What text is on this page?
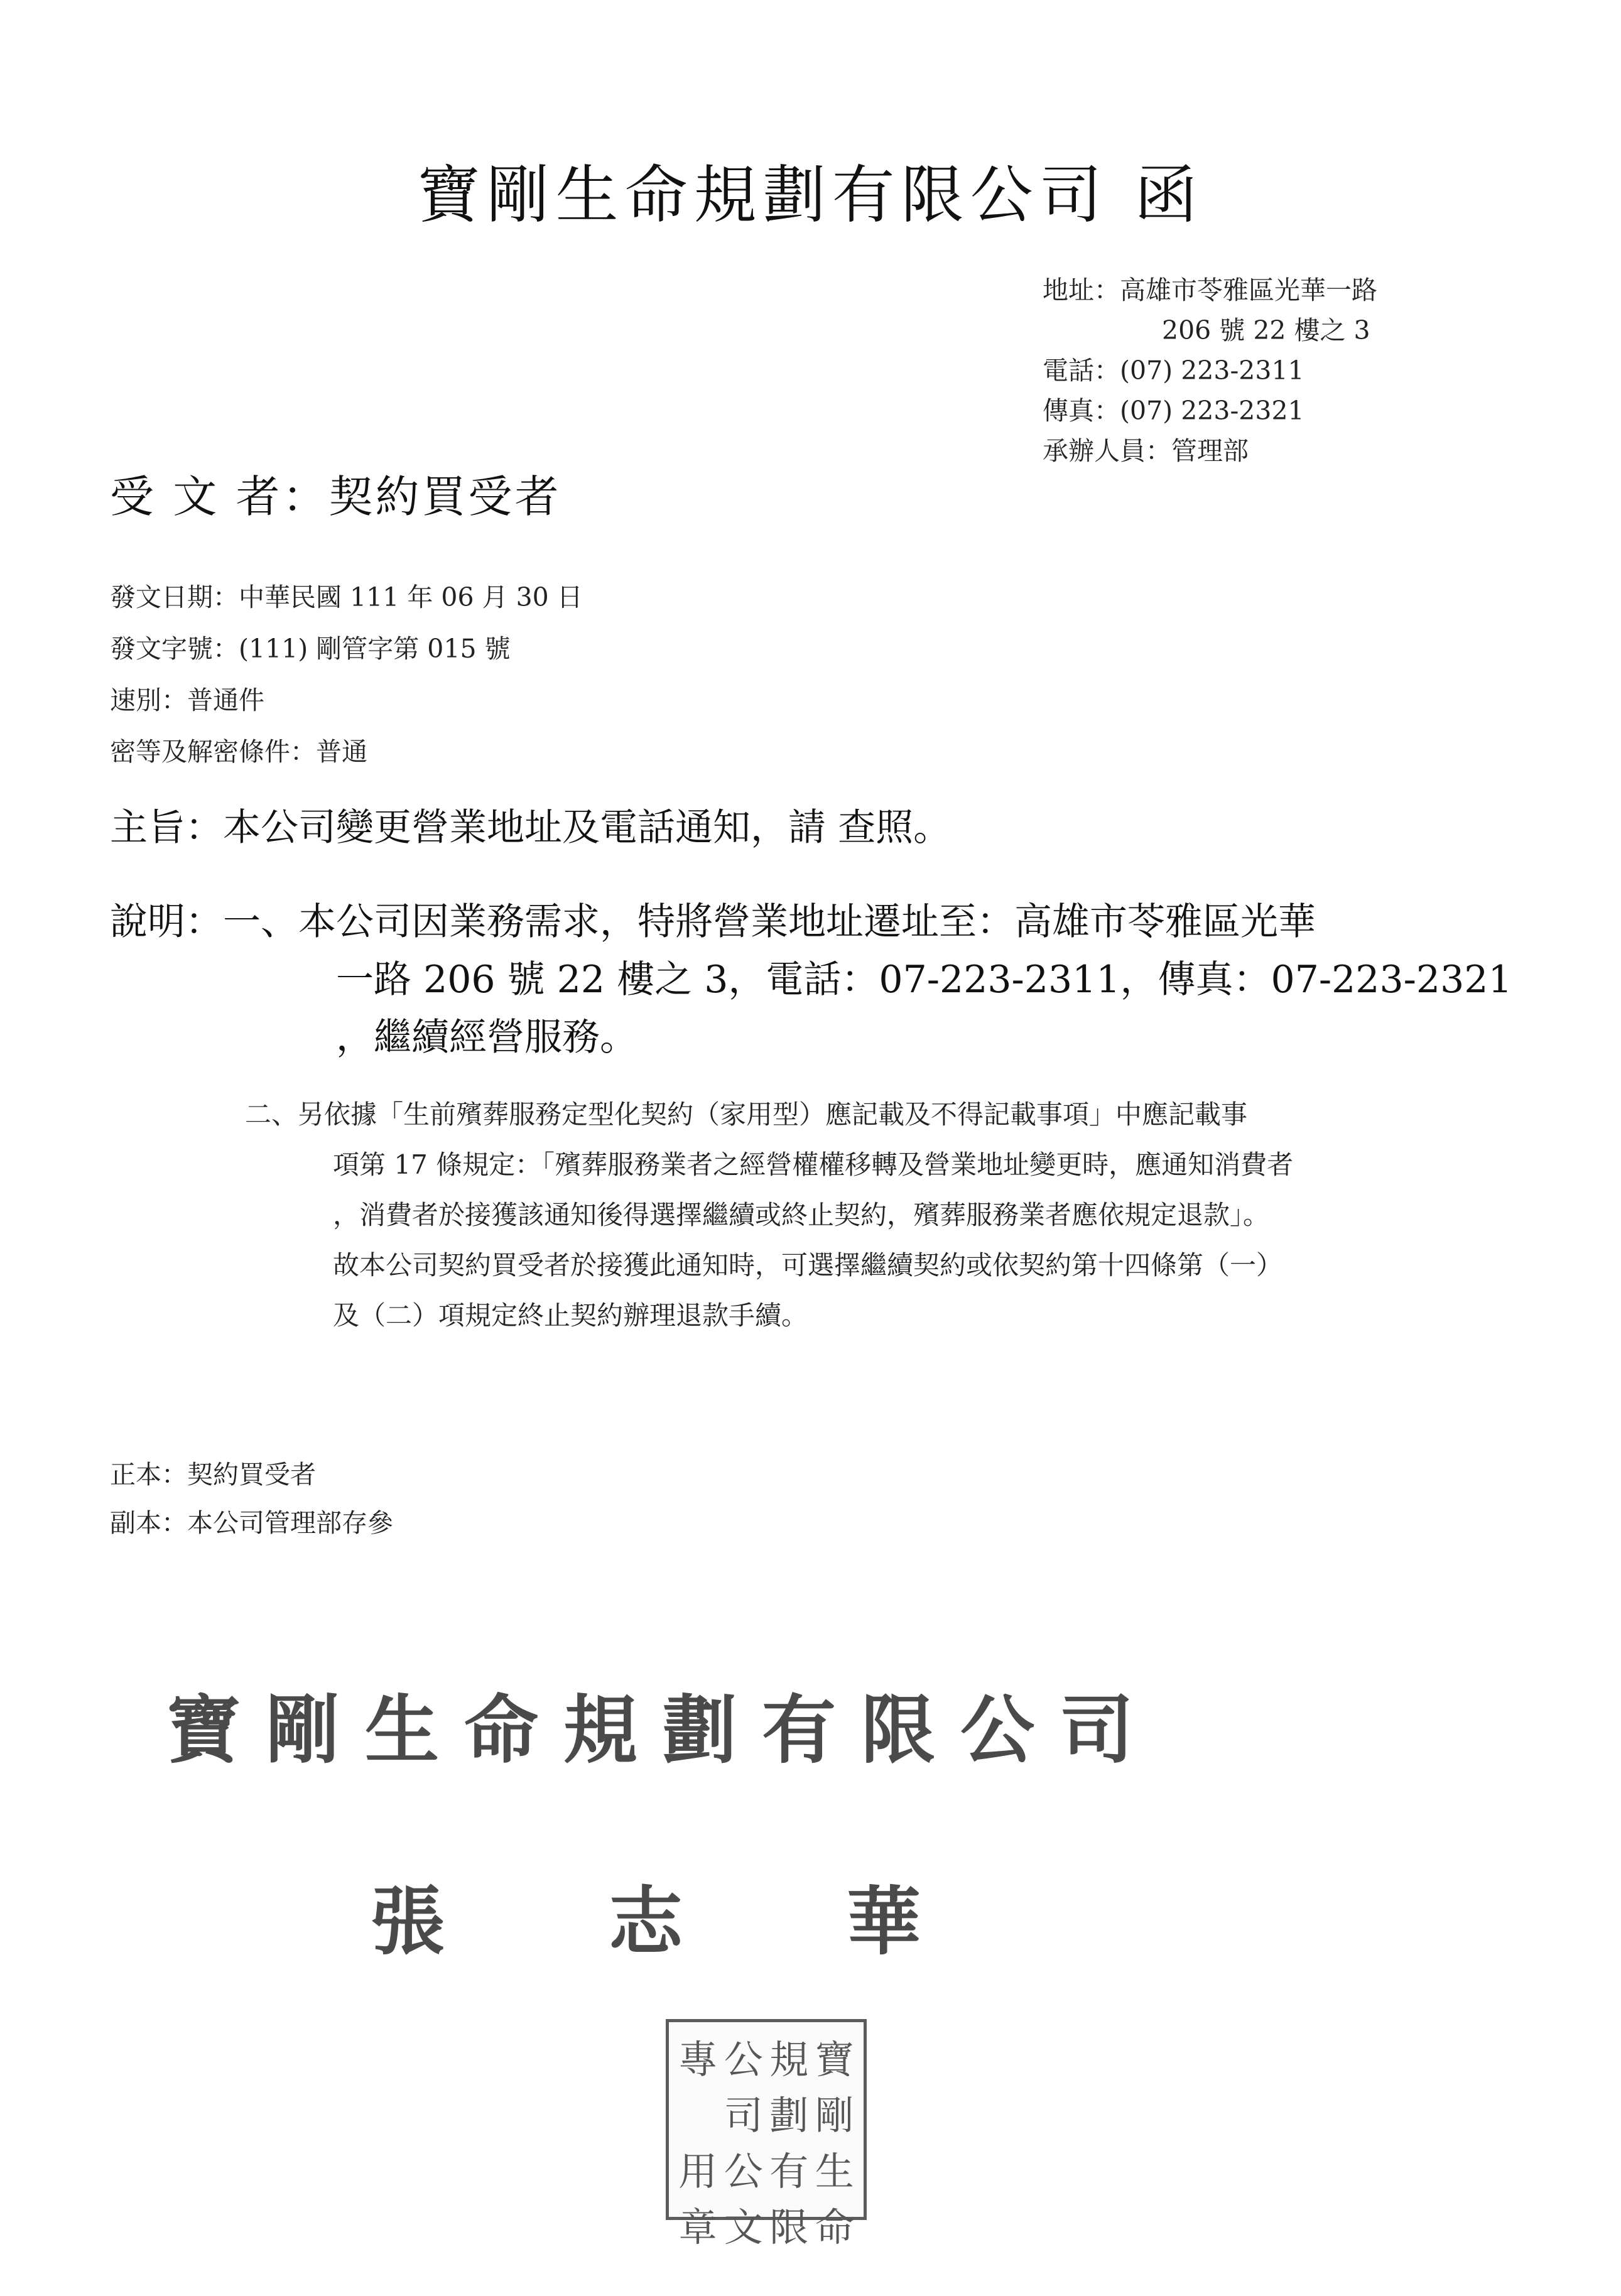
寶剛生命規劃有限公司 函
地址：高雄市苓雅區光華一路
206 號 22 樓之 3
電話：(07) 223-2311
傳真：(07) 223-2321
承辦人員：管理部
受 文 者：契約買受者
發文日期：中華民國 111 年 06 月 30 日
發文字號：(111) 剛管字第 015 號
速別：普通件
密等及解密條件：普通
主旨：本公司變更營業地址及電話通知，請 查照。
說明：一、本公司因業務需求，特將營業地址遷址至：高雄市苓雅區光華
一路 206 號 22 樓之 3，電話：07-223-2311，傳真：07-223-2321
，繼續經營服務。
二、另依據「生前殯葬服務定型化契約（家用型）應記載及不得記載事項」中應記載事
項第 17 條規定：「殯葬服務業者之經營權權移轉及營業地址變更時，應通知消費者
，消費者於接獲該通知後得選擇繼續或終止契約，殯葬服務業者應依規定退款」。
故本公司契約買受者於接獲此通知時，可選擇繼續契約或依契約第十四條第（一）
及（二）項規定終止契約辦理退款手續。
正本：契約買受者
副本：本公司管理部存參
寶剛生命規劃有限公司
張 志 華
專 公 規 寶
司 劃 剛
用 公 有 生
章 文 限 命
